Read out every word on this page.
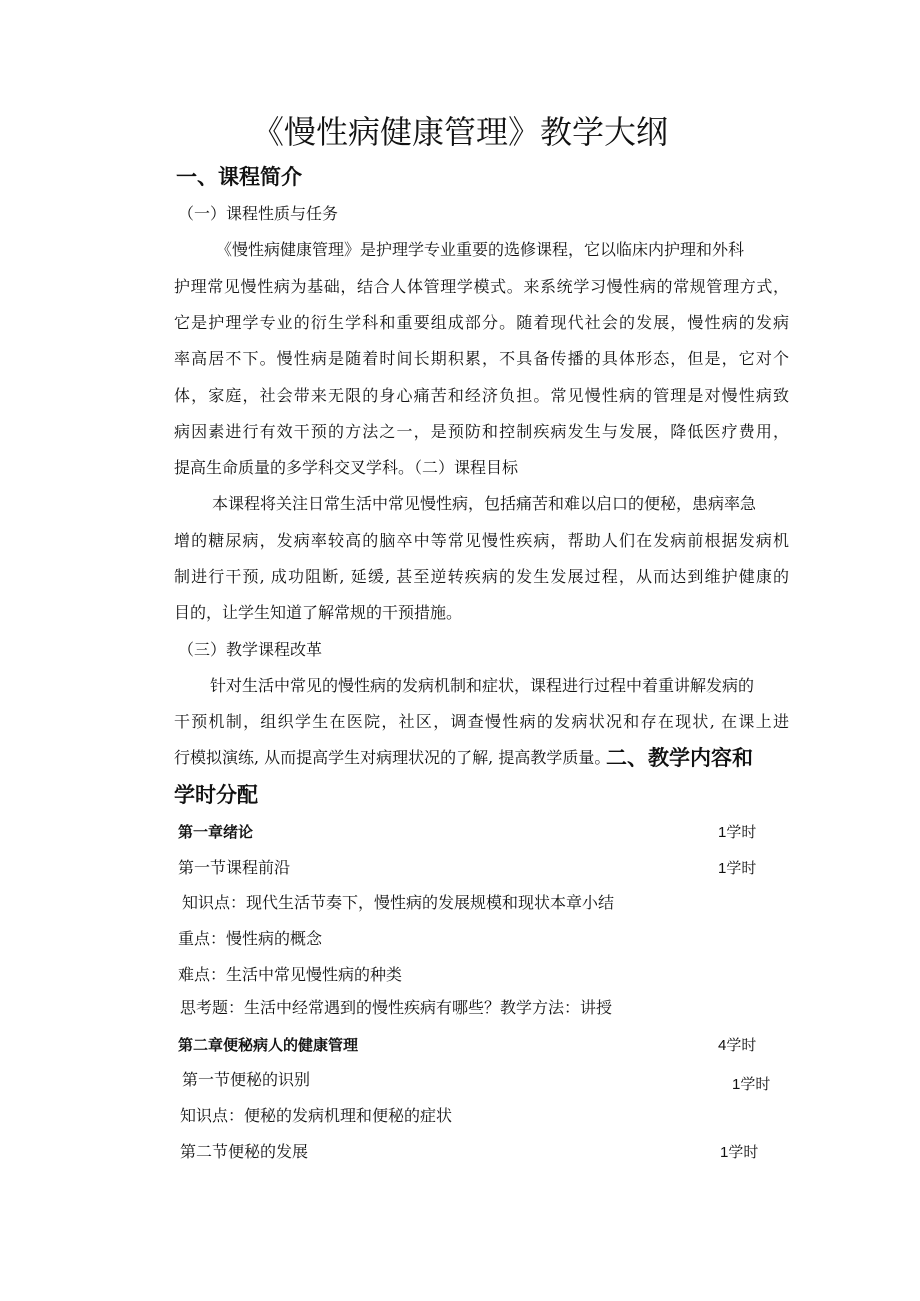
《慢性病健康管理》教学大纲
一、课程简介
（一）课程性质与任务
《慢性病健康管理》是护理学专业重要的选修课程，它以临床内护理和外科
护理常见慢性病为基础，结合人体管理学模式。来系统学习慢性病的常规管理方式，
它是护理学专业的衍生学科和重要组成部分。随着现代社会的发展，慢性病的发病
率高居不下。慢性病是随着时间长期积累，不具备传播的具体形态，但是，它对个
体，家庭，社会带来无限的身心痛苦和经济负担。常见慢性病的管理是对慢性病致
病因素进行有效干预的方法之一，是预防和控制疾病发生与发展，降低医疗费用，
提高生命质量的多学科交叉学科。（二）课程目标
本课程将关注日常生活中常见慢性病，包括痛苦和难以启口的便秘，患病率急
增的糖尿病，发病率较高的脑卒中等常见慢性疾病，帮助人们在发病前根据发病机
制进行干预, 成功阻断, 延缓, 甚至逆转疾病的发生发展过程，从而达到维护健康的
目的，让学生知道了解常规的干预措施。
（三）教学课程改革
针对生活中常见的慢性病的发病机制和症状，课程进行过程中着重讲解发病的
干预机制，组织学生在医院，社区，调查慢性病的发病状况和存在现状, 在课上进
行模拟演练, 从而提高学生对病理状况的了解, 提高教学质量。
二、教学内容和
学时分配
第一章绪论	1学时
第一节课程前沿	1学时
知识点：现代生活节奏下，慢性病的发展规模和现状本章小结
重点：慢性病的概念
难点：生活中常见慢性病的种类
思考题：生活中经常遇到的慢性疾病有哪些？教学方法：讲授
第二章便秘病人的健康管理	4学时
第一节便秘的识别	1学时
知识点：便秘的发病机理和便秘的症状
第二节便秘的发展	1学时
